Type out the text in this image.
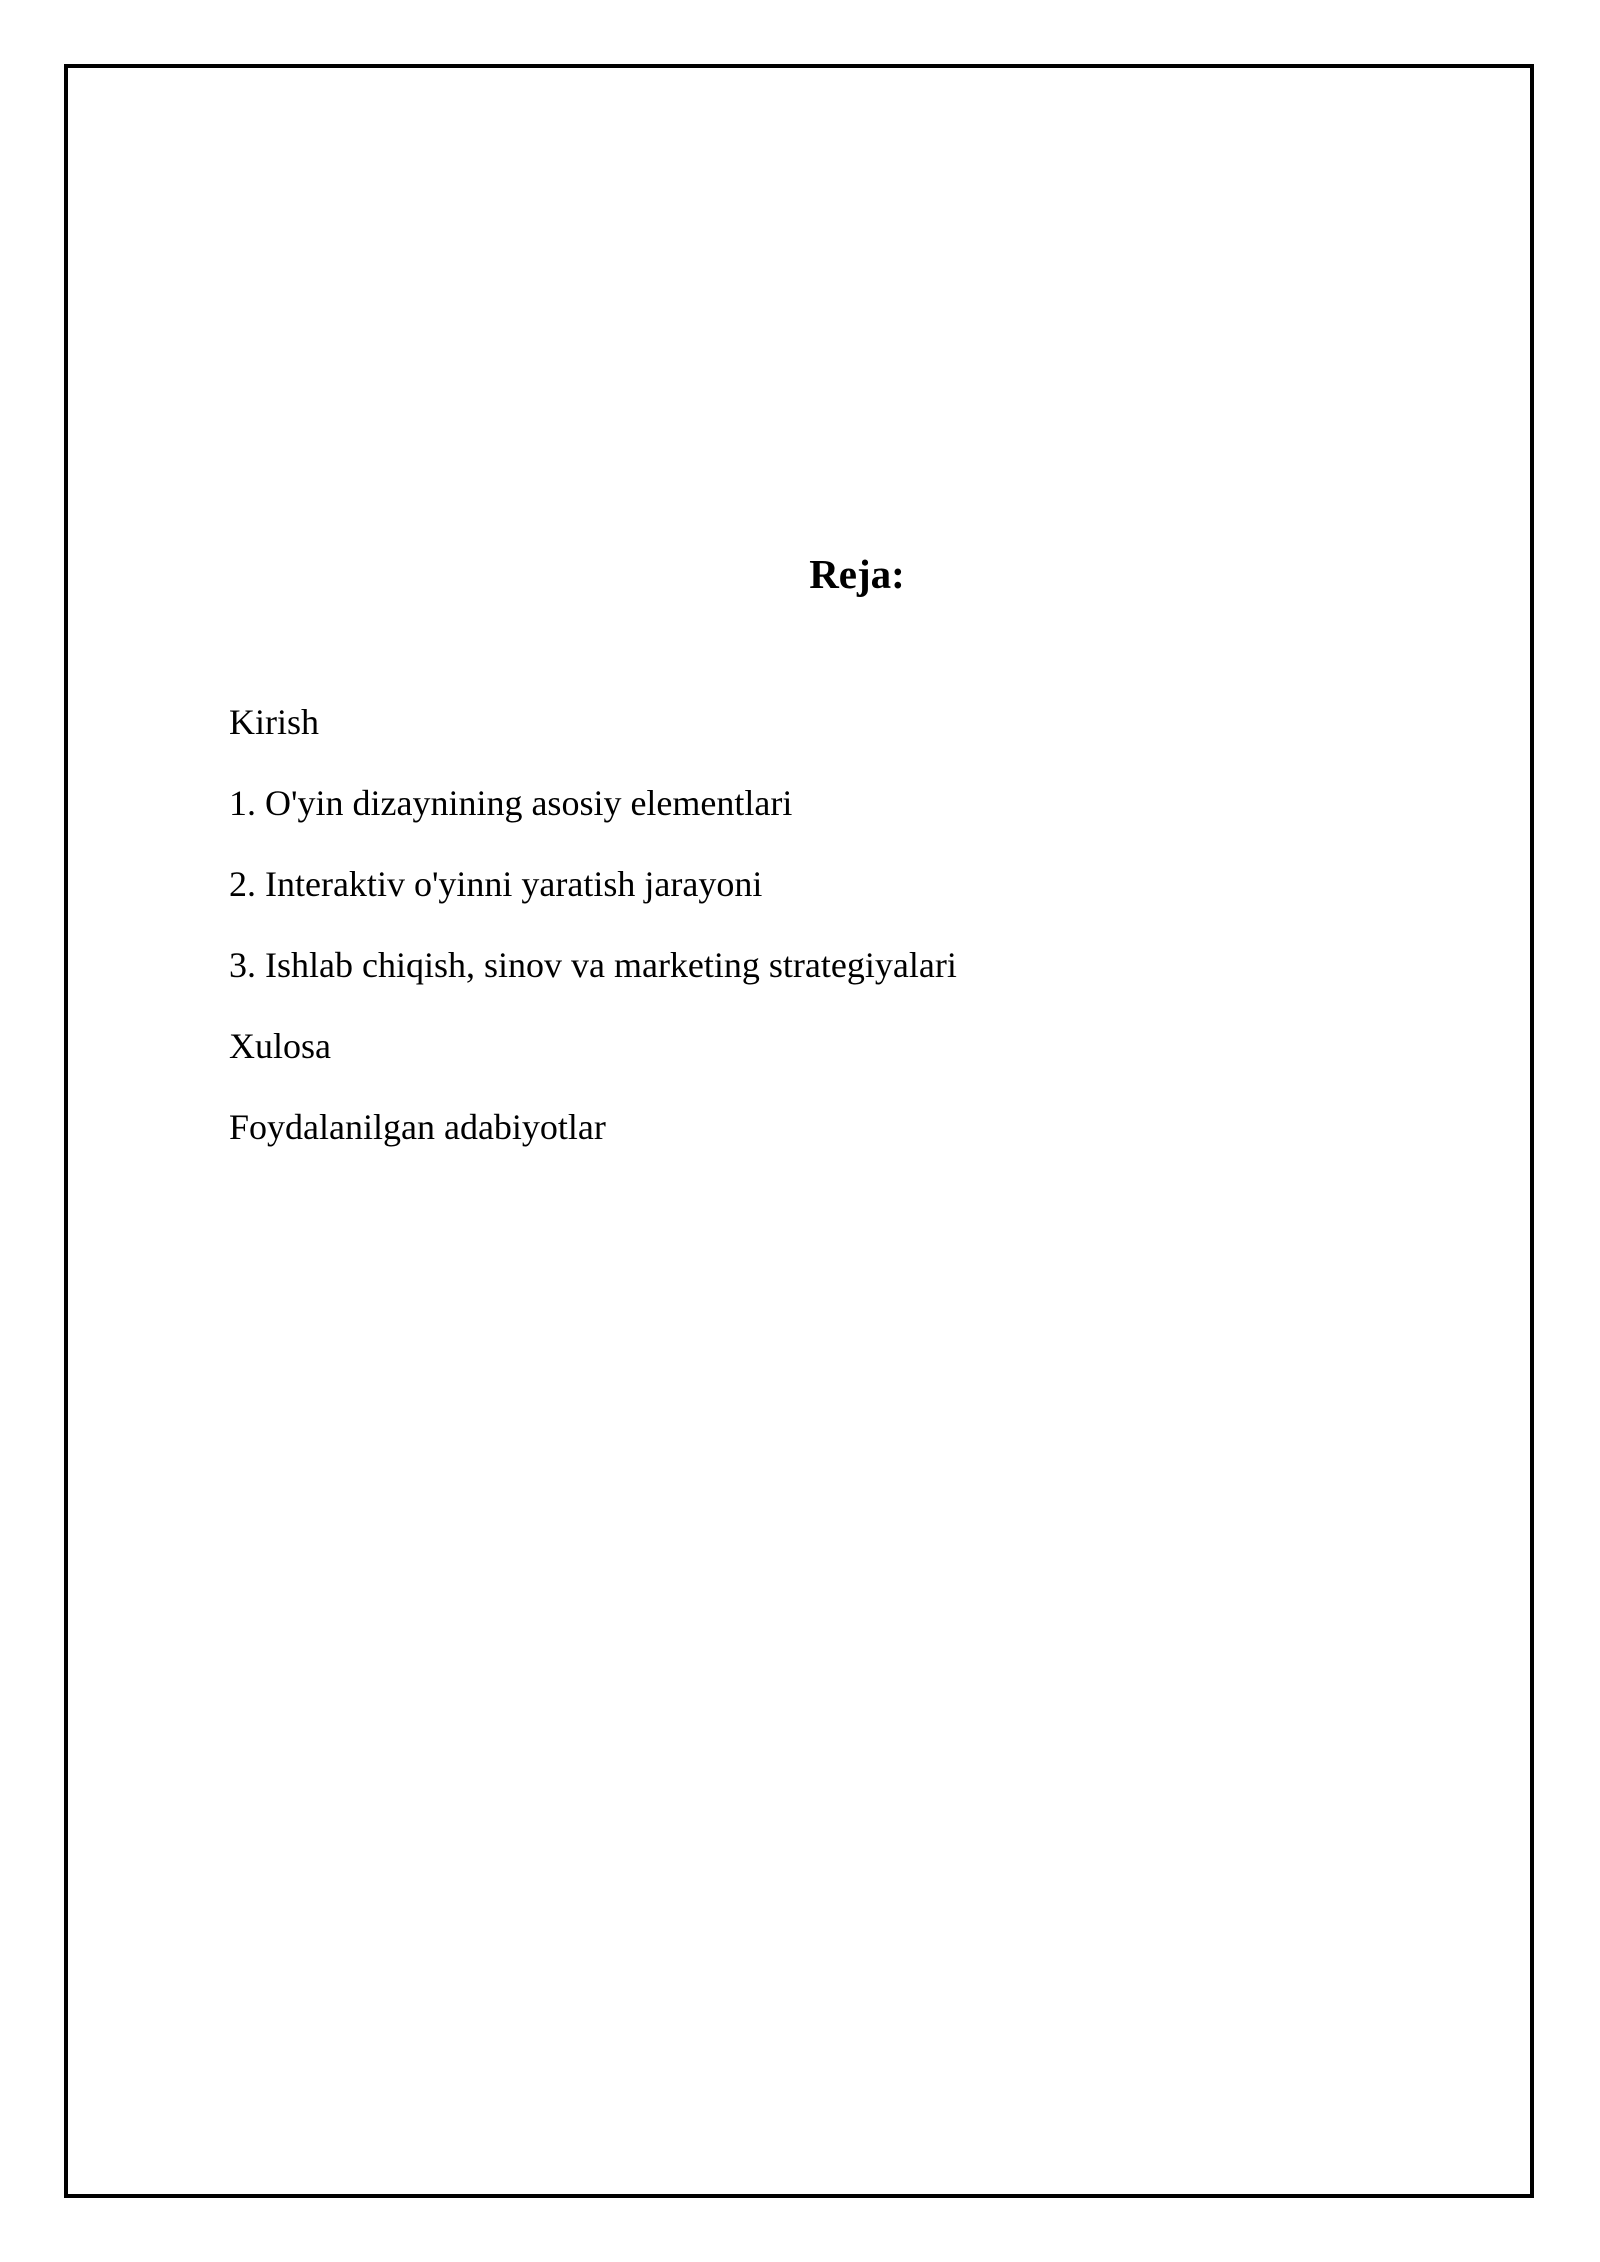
Reja:
Kirish
1. O'yin dizaynining asosiy elementlari
2. Interaktiv o'yinni yaratish jarayoni
3. Ishlab chiqish, sinov va marketing strategiyalari
Xulosa
Foydalanilgan adabiyotlar
